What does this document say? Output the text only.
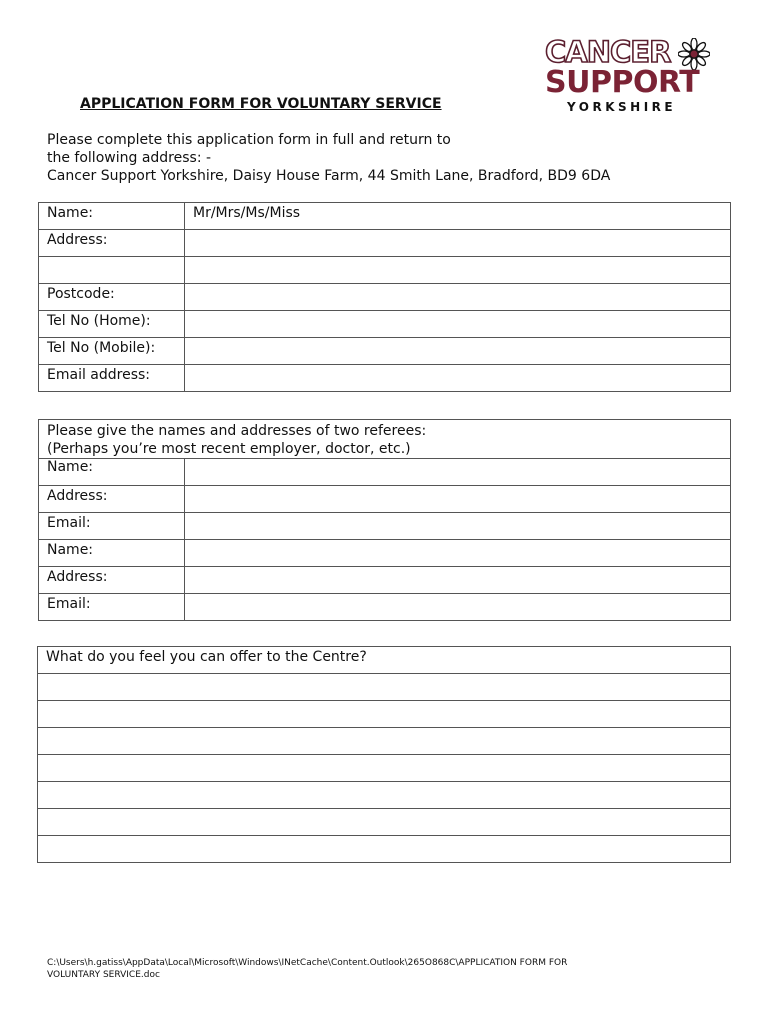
CANCER
SUPPORT
YORKSHIRE
APPLICATION FORM FOR VOLUNTARY SERVICE
Please complete this application form in full and return to
the following address: -
Cancer Support Yorkshire, Daisy House Farm, 44 Smith Lane, Bradford, BD9 6DA
Name:	Mr/Mrs/Ms/Miss
Address:	

Postcode:	
Tel No (Home):	
Tel No (Mobile):	
Email address:	
Please give the names and addresses of two referees:
(Perhaps you’re most recent employer, doctor, etc.)	

Name:	
Address:	
Email:	
Name:	
Address:	
Email:	
What do you feel you can offer to the Centre?

C:\Users\h.gatiss\AppData\Local\Microsoft\Windows\INetCache\Content.Outlook\265O868C\APPLICATION FORM FOR
VOLUNTARY SERVICE.doc
